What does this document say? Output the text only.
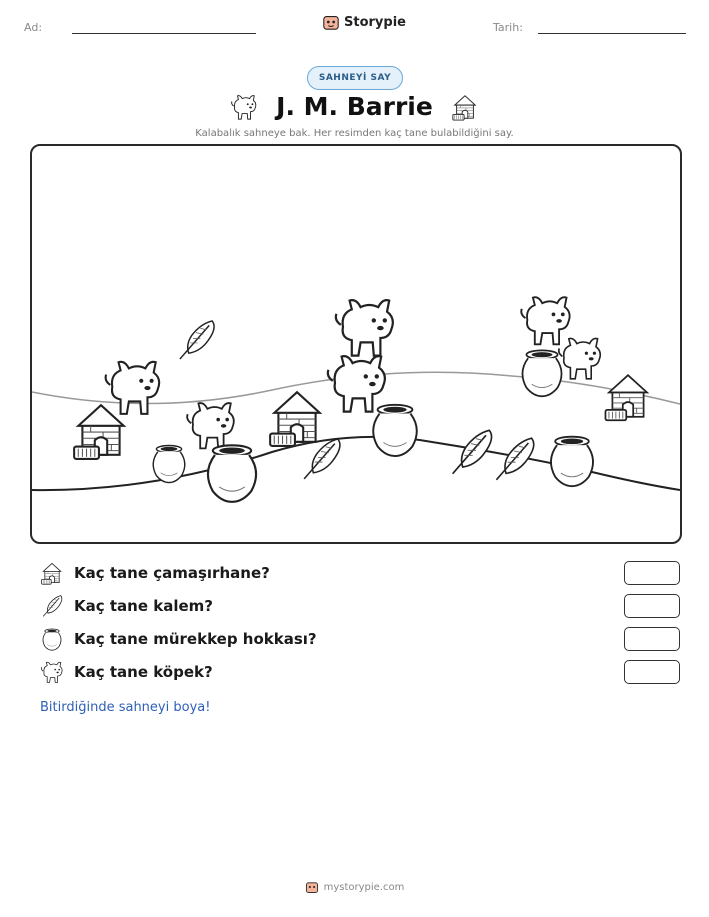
Ad:	Storypie	Tarih:
SAHNEYİ SAY
J. M. Barrie
Kalabalık sahneye bak. Her resimden kaç tane bulabildiğini say.
Kaç tane çamaşırhane?
Kaç tane kalem?
Kaç tane mürekkep hokkası?
Kaç tane köpek?
Bitirdiğinde sahneyi boya!
mystorypie.com
